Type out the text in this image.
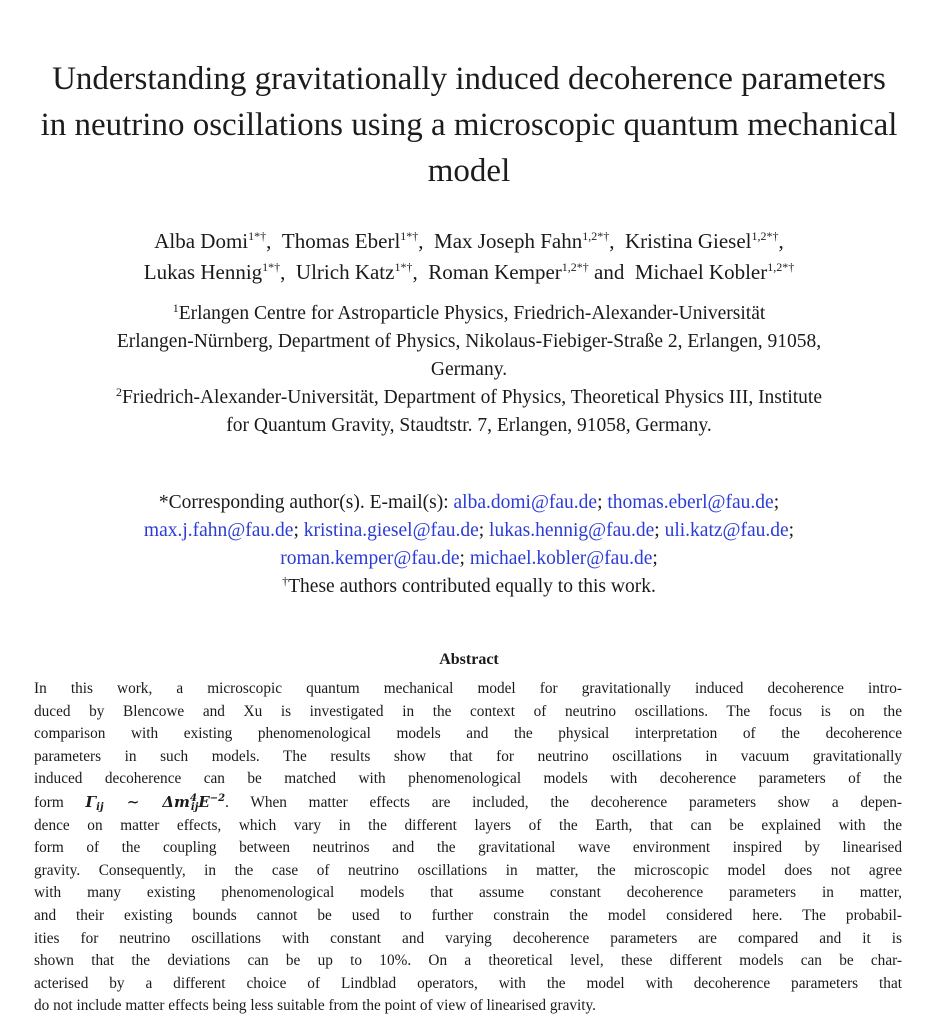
Understanding gravitationally induced decoherence parameters
in neutrino oscillations using a microscopic quantum mechanical
model
Alba Domi$^{1*\dagger}$, Thomas Eberl$^{1*\dagger}$, Max Joseph Fahn$^{1,2*\dagger}$, Kristina Giesel$^{1,2*\dagger}$,
Lukas Hennig$^{1*\dagger}$, Ulrich Katz$^{1*\dagger}$, Roman Kemper$^{1,2*\dagger}$ and Michael Kobler$^{1,2*\dagger}$
$^1$Erlangen Centre for Astroparticle Physics, Friedrich-Alexander-Universität
Erlangen-Nürnberg, Department of Physics, Nikolaus-Fiebiger-Straße 2, Erlangen, 91058,
Germany.
$^2$Friedrich-Alexander-Universität, Department of Physics, Theoretical Physics III, Institute
for Quantum Gravity, Staudtstr. 7, Erlangen, 91058, Germany.
*Corresponding author(s). E-mail(s): alba.domi@fau.de; thomas.eberl@fau.de;
max.j.fahn@fau.de; kristina.giesel@fau.de; lukas.hennig@fau.de; uli.katz@fau.de;
roman.kemper@fau.de; michael.kobler@fau.de;
†These authors contributed equally to this work.
Abstract
In this work, a microscopic quantum mechanical model for gravitationally induced decoherence intro-
duced by Blencowe and Xu is investigated in the context of neutrino oscillations. The focus is on the
comparison with existing phenomenological models and the physical interpretation of the decoherence
parameters in such models. The results show that for neutrino oscillations in vacuum gravitationally
induced decoherence can be matched with phenomenological models with decoherence parameters of the
form $\Gamma_{ij}$ ∼ $\Delta m^4_{ij}E^{-2}$. When matter effects are included, the decoherence parameters show a depen-
dence on matter effects, which vary in the different layers of the Earth, that can be explained with the
form of the coupling between neutrinos and the gravitational wave environment inspired by linearised
gravity. Consequently, in the case of neutrino oscillations in matter, the microscopic model does not agree
with many existing phenomenological models that assume constant decoherence parameters in matter,
and their existing bounds cannot be used to further constrain the model considered here. The probabil-
ities for neutrino oscillations with constant and varying decoherence parameters are compared and it is
shown that the deviations can be up to 10%. On a theoretical level, these different models can be char-
acterised by a different choice of Lindblad operators, with the model with decoherence parameters that
do not include matter effects being less suitable from the point of view of linearised gravity.
